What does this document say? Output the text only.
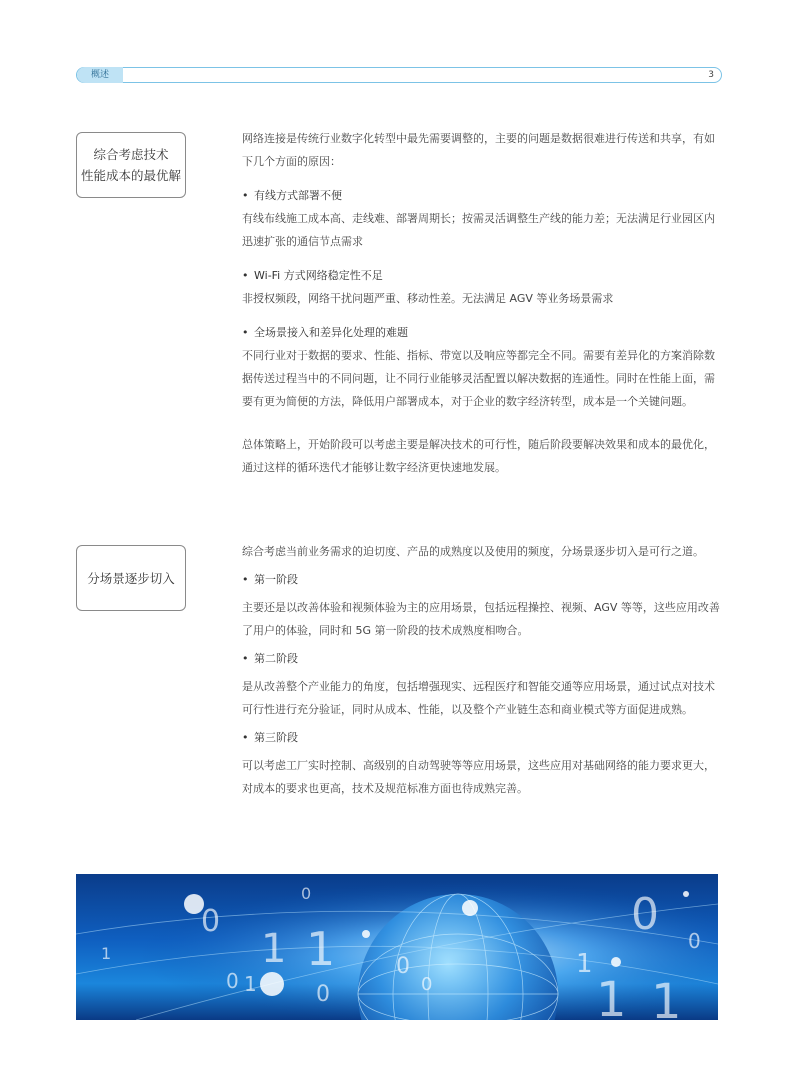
概述	3
综合考虑技术
性能成本的最优解

网络连接是传统行业数字化转型中最先需要调整的，主要的问题是数据很难进行传送和共享，有如下几个方面的原因：

• 有线方式部署不便

有线布线施工成本高、走线难、部署周期长；按需灵活调整生产线的能力差；无法满足行业园区内迅速扩张的通信节点需求

• Wi-Fi 方式网络稳定性不足

非授权频段，网络干扰问题严重、移动性差。无法满足 AGV 等业务场景需求

• 全场景接入和差异化处理的难题

不同行业对于数据的要求、性能、指标、带宽以及响应等都完全不同。需要有差异化的方案消除数据传送过程当中的不同问题，让不同行业能够灵活配置以解决数据的连通性。同时在性能上面，需要有更为简便的方法，降低用户部署成本，对于企业的数字经济转型，成本是一个关键问题。

总体策略上，开始阶段可以考虑主要是解决技术的可行性，随后阶段要解决效果和成本的最优化，通过这样的循环迭代才能够让数字经济更快速地发展。

分场景逐步切入

综合考虑当前业务需求的迫切度、产品的成熟度以及使用的频度，分场景逐步切入是可行之道。

• 第一阶段

主要还是以改善体验和视频体验为主的应用场景，包括远程操控、视频、AGV 等等，这些应用改善了用户的体验，同时和 5G 第一阶段的技术成熟度相吻合。

• 第二阶段

是从改善整个产业能力的角度，包括增强现实、远程医疗和智能交通等应用场景，通过试点对技术可行性进行充分验证，同时从成本、性能，以及整个产业链生态和商业模式等方面促进成熟。

• 第三阶段

可以考虑工厂实时控制、高级别的自动驾驶等等应用场景，这些应用对基础网络的能力要求更大，对成本的要求也更高，技术及规范标准方面也待成熟完善。

0
1 1
0 1
1
0
0
0
1
0
0
1 1
0
